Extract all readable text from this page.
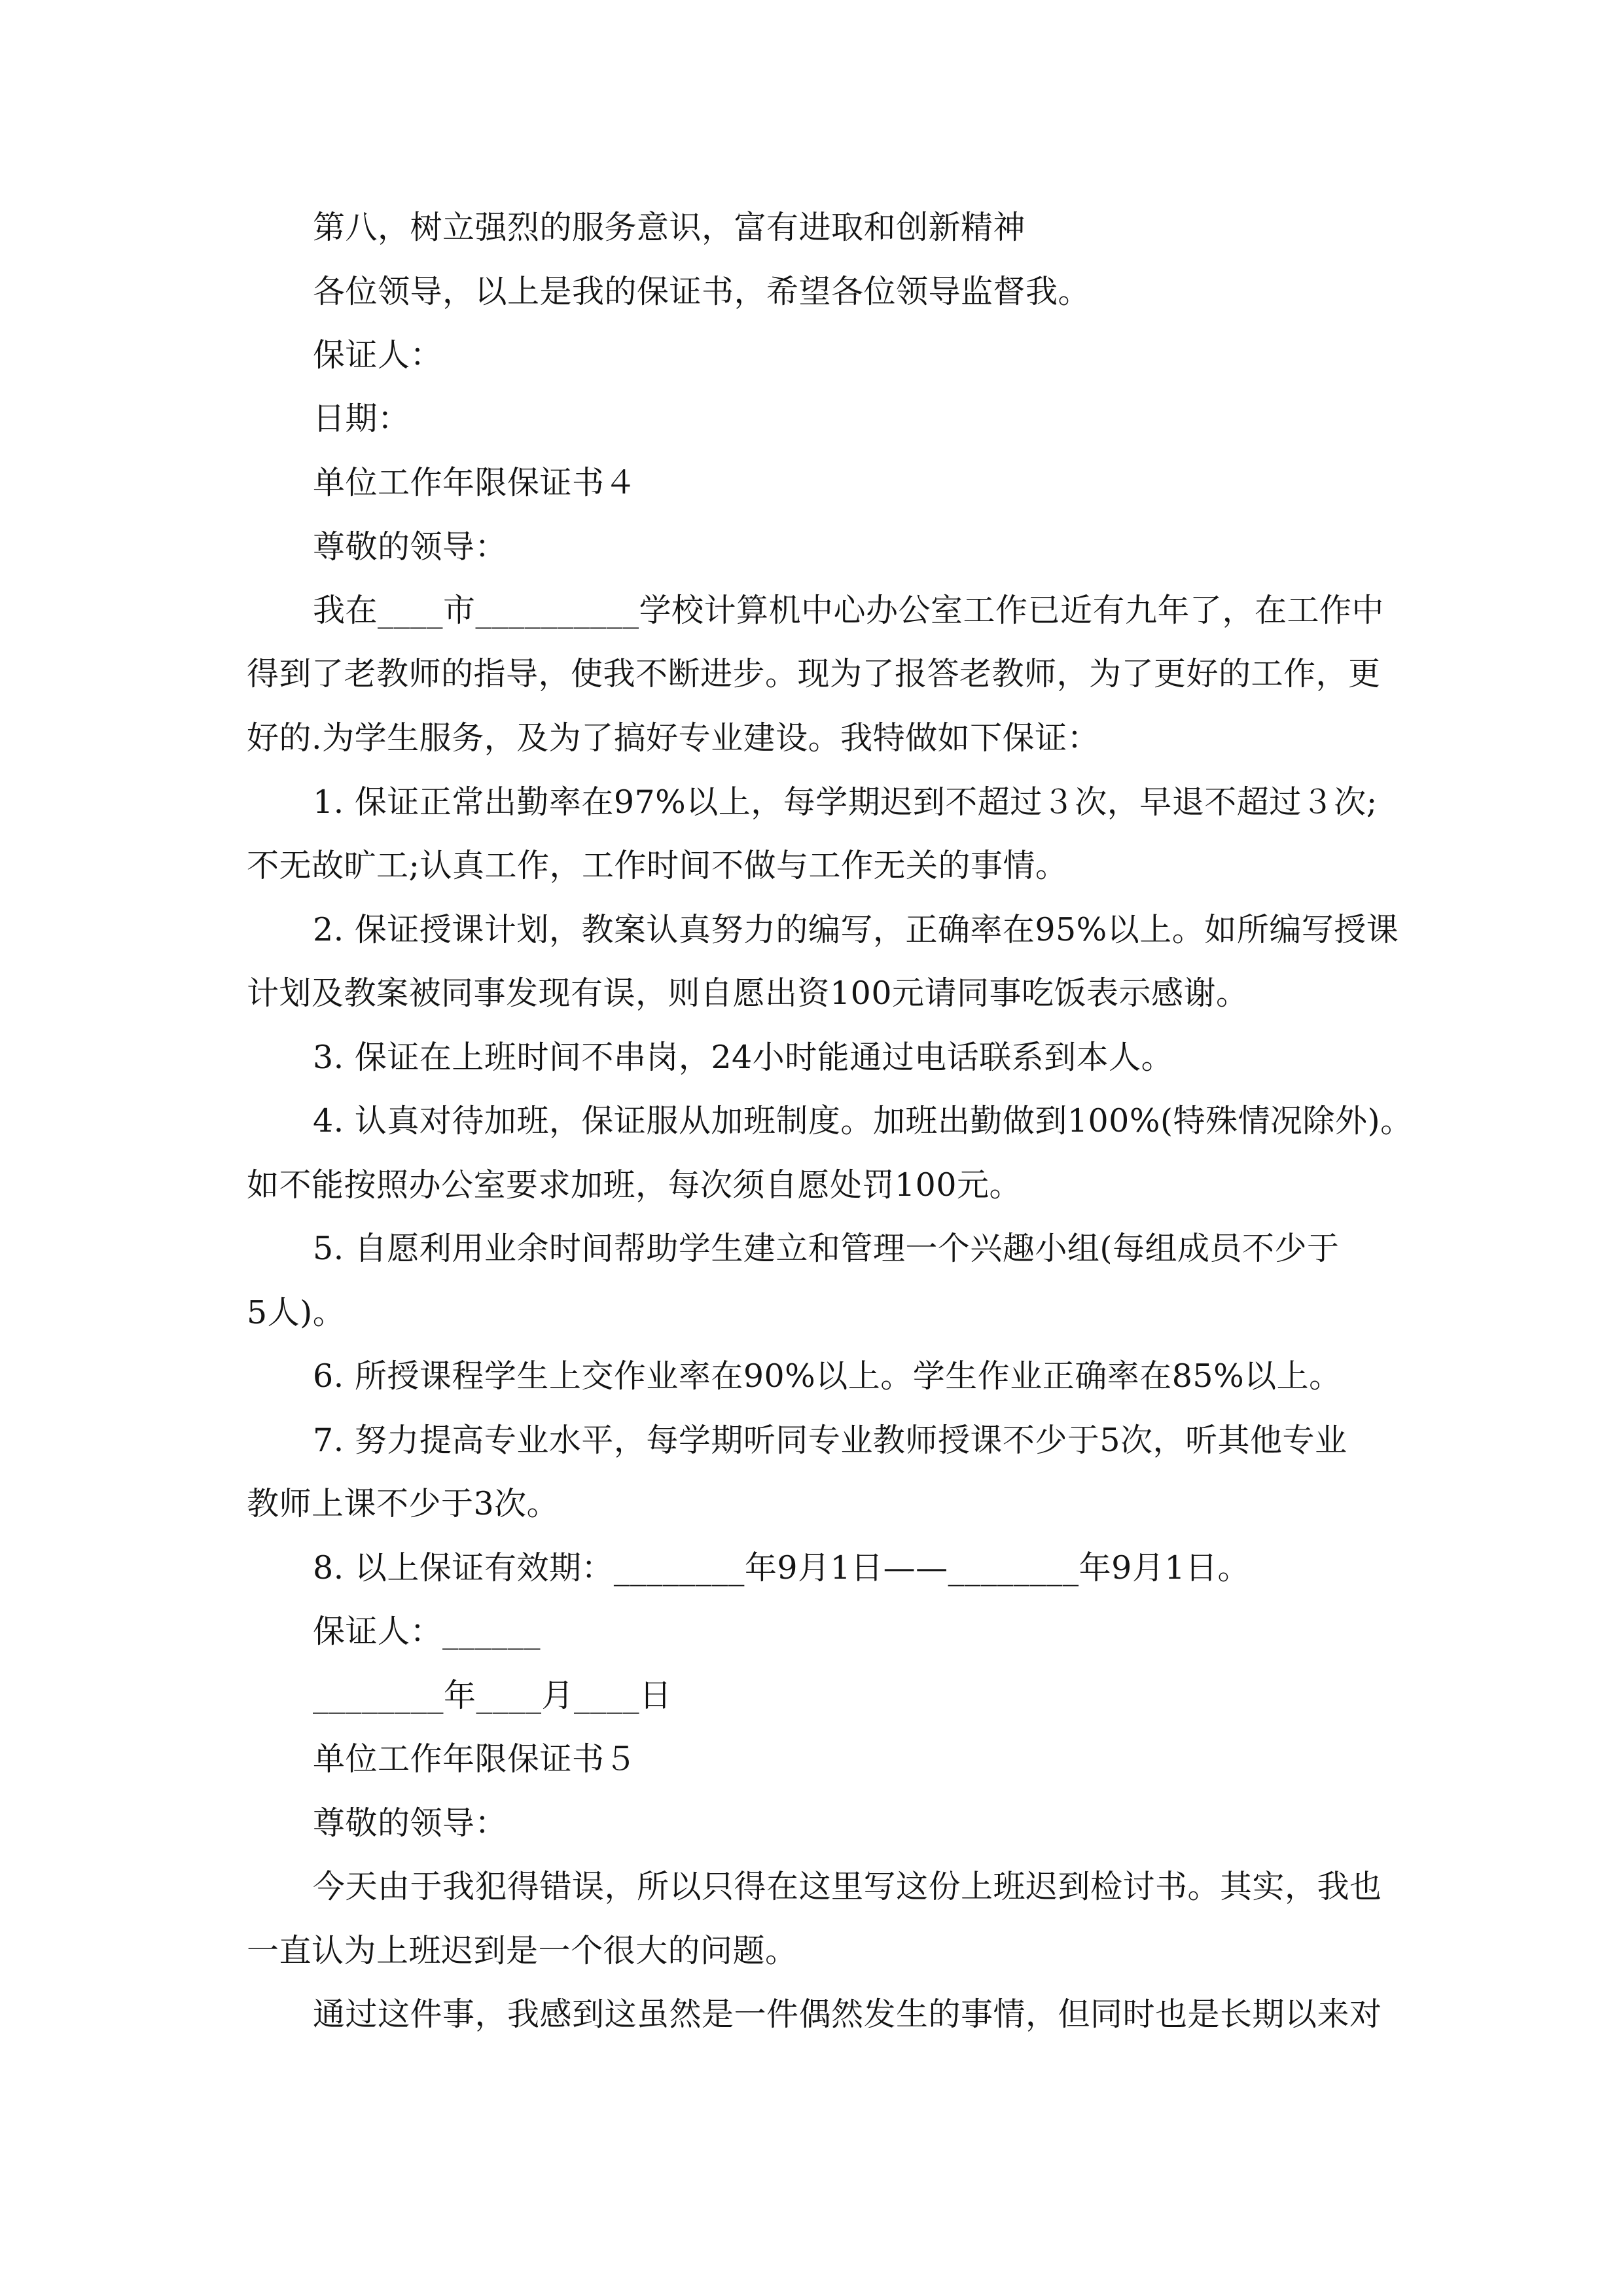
第八，树立强烈的服务意识，富有进取和创新精神
各位领导，以上是我的保证书，希望各位领导监督我。
保证人：
日期：
单位工作年限保证书４
尊敬的领导：
我在____市__________学校计算机中心办公室工作已近有九年了，在工作中
得到了老教师的指导，使我不断进步。现为了报答老教师，为了更好的工作，更
好的.为学生服务，及为了搞好专业建设。我特做如下保证：
1. 保证正常出勤率在97%以上，每学期迟到不超过３次，早退不超过３次;
不无故旷工;认真工作，工作时间不做与工作无关的事情。
2. 保证授课计划，教案认真努力的编写，正确率在95%以上。如所编写授课
计划及教案被同事发现有误，则自愿出资100元请同事吃饭表示感谢。
3. 保证在上班时间不串岗，24小时能通过电话联系到本人。
4. 认真对待加班，保证服从加班制度。加班出勤做到100%(特殊情况除外)。
如不能按照办公室要求加班，每次须自愿处罚100元。
5. 自愿利用业余时间帮助学生建立和管理一个兴趣小组(每组成员不少于
5人)。
6. 所授课程学生上交作业率在90%以上。学生作业正确率在85%以上。
7. 努力提高专业水平，每学期听同专业教师授课不少于5次，听其他专业
教师上课不少于3次。
8. 以上保证有效期：________年9月1日——________年9月1日。
保证人：______
________年____月____日
单位工作年限保证书５
尊敬的领导：
今天由于我犯得错误，所以只得在这里写这份上班迟到检讨书。其实，我也
一直认为上班迟到是一个很大的问题。
通过这件事，我感到这虽然是一件偶然发生的事情，但同时也是长期以来对
